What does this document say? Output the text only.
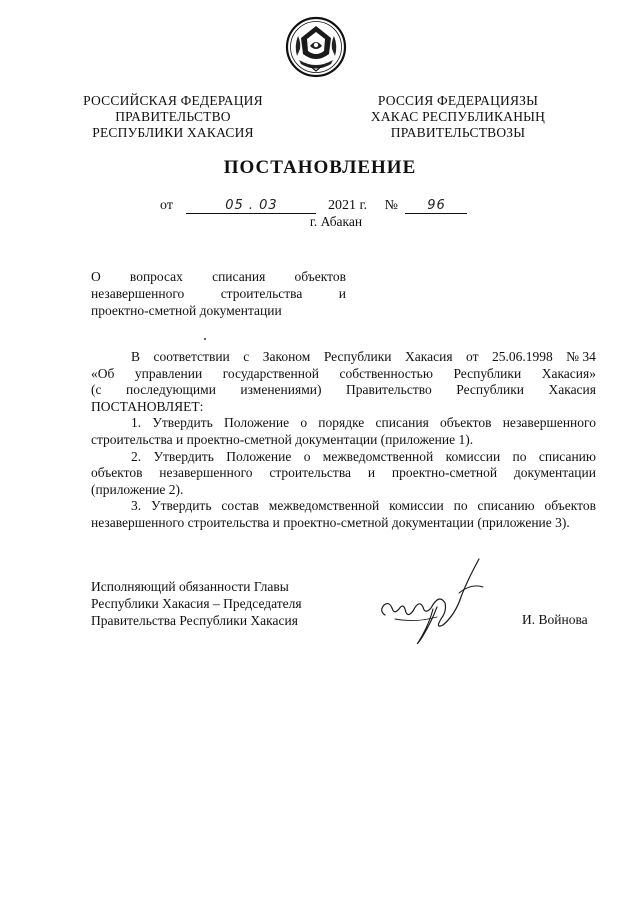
РОССИЙСКАЯ ФЕДЕРАЦИЯ
ПРАВИТЕЛЬСТВО
РЕСПУБЛИКИ ХАКАСИЯ
РОССИЯ ФЕДЕРАЦИЯЗЫ
ХАКАС РЕСПУБЛИКАНЫҢ
ПРАВИТЕЛЬСТВОЗЫ
ПОСТАНОВЛЕНИЕ
от	05 . 03	2021 г. № 96
г. Абакан
О вопросах списания объектов
незавершенного	строительства	и
проектно-сметной документации
В соответствии с Законом Республики Хакасия от 25.06.1998 № 34
«Об управлении государственной собственностью Республики Хакасия»
(с последующими изменениями) Правительство Республики Хакасия
ПОСТАНОВЛЯЕТ:
1. Утвердить Положение о порядке списания объектов незавершенного
строительства и проектно-сметной документации (приложение 1).
2. Утвердить Положение о межведомственной комиссии по списанию
объектов незавершенного строительства и проектно-сметной документации
(приложение 2).
3. Утвердить состав межведомственной комиссии по списанию объектов
незавершенного строительства и проектно-сметной документации (приложение 3).
Исполняющий обязанности Главы
Республики Хакасия – Председателя
Правительства Республики Хакасия	И. Войнова
